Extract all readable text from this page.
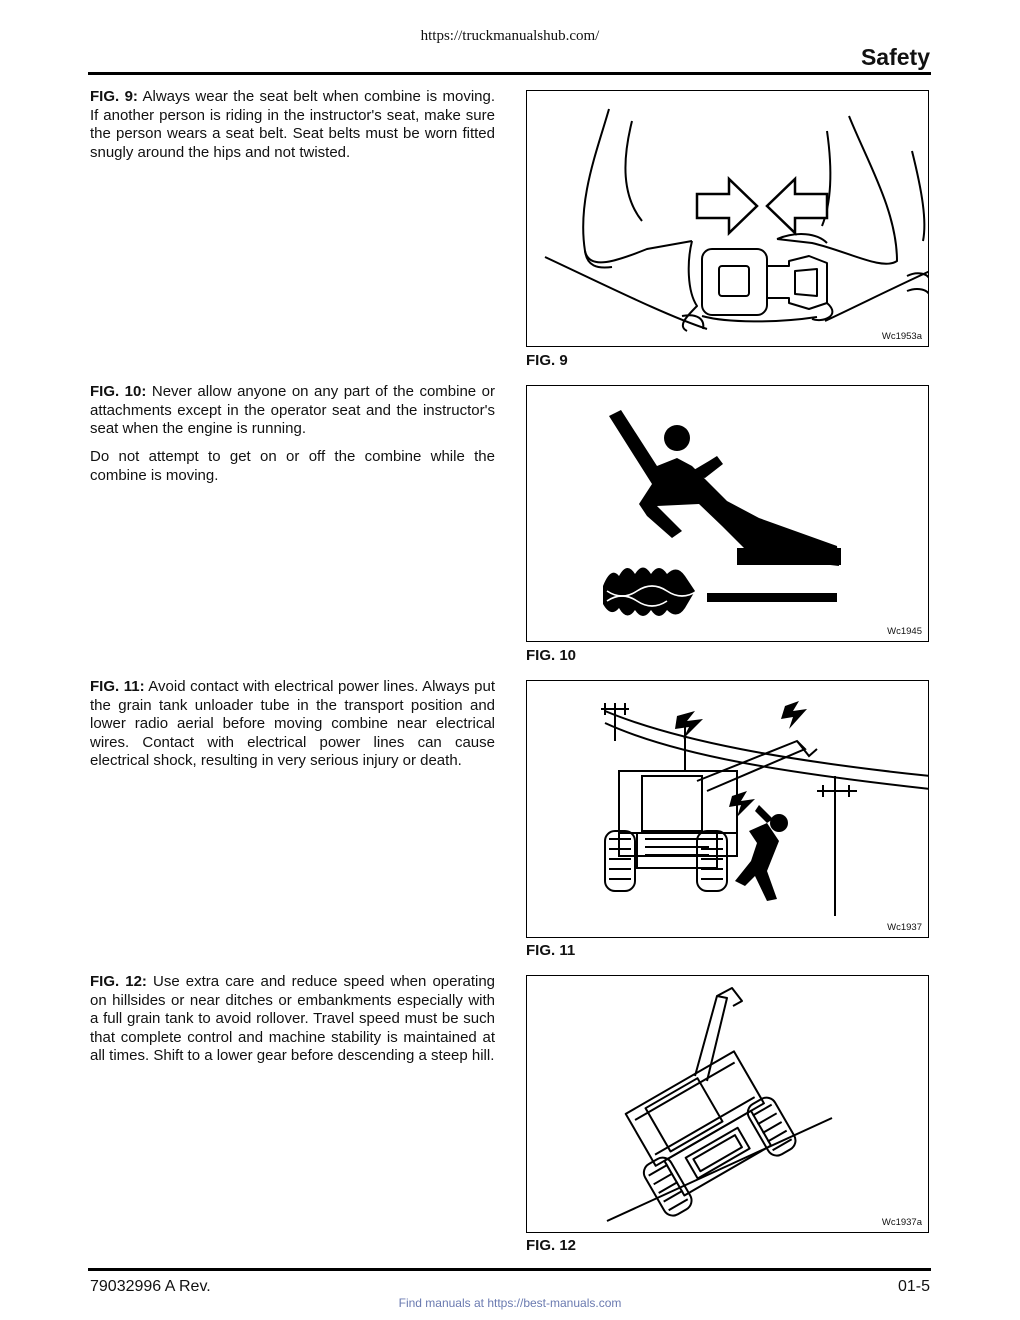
https://truckmanualshub.com/
Safety

FIG. 9: Always wear the seat belt when combine is moving. If another person is riding in the instructor's seat, make sure the person wears a seat belt. Seat belts must be worn fitted snugly around the hips and not twisted.

Wc1953a
FIG. 9

FIG. 10: Never allow anyone on any part of the combine or attachments except in the operator seat and the instructor's seat when the engine is running.

Do not attempt to get on or off the combine while the combine is moving.

Wc1945
FIG. 10

FIG. 11: Avoid contact with electrical power lines. Always put the grain tank unloader tube in the transport position and lower radio aerial before moving combine near electrical wires. Contact with electrical power lines can cause electrical shock, resulting in very serious injury or death.

Wc1937
FIG. 11

FIG. 12: Use extra care and reduce speed when operating on hillsides or near ditches or embankments especially with a full grain tank to avoid rollover. Travel speed must be such that complete control and machine stability is maintained at all times. Shift to a lower gear before descending a steep hill.

Wc1937a
FIG. 12
79032996 A Rev.	01-5
Find manuals at https://best-manuals.com
